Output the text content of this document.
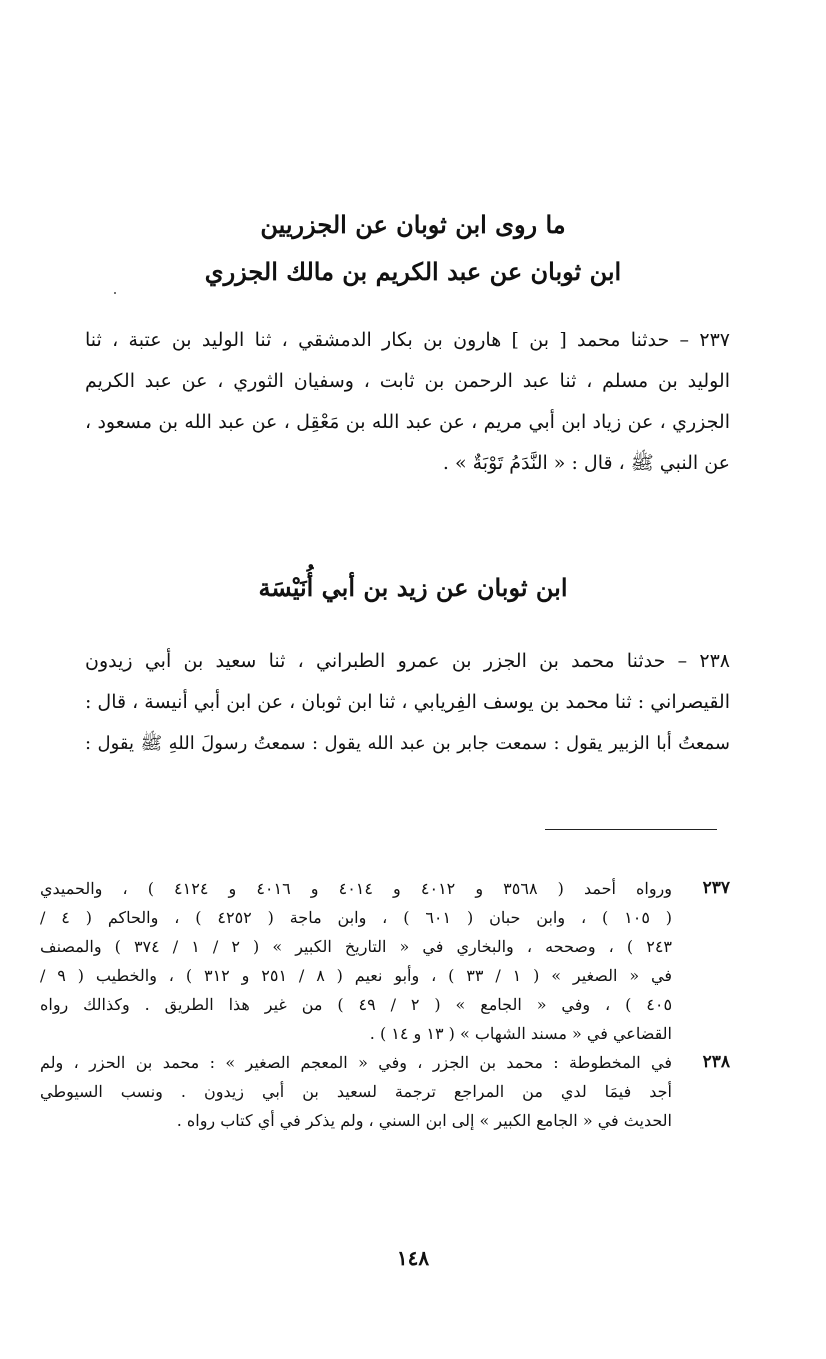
ما روى ابن ثوبان عن الجزريين
ابن ثوبان عن عبد الكريم بن مالك الجزري
٢٣٧ – حدثنا محمد [ بن ] هارون بن بكار الدمشقي ، ثنا الوليد بن عتبة ، ثنا
الوليد بن مسلم ، ثنا عبد الرحمن بن ثابت ، وسفيان الثوري ، عن عبد الكريم
الجزري ، عن زياد ابن أبي مريم ، عن عبد الله بن مَعْقِل ، عن عبد الله بن مسعود ،
عن النبي ﷺ ، قال : « النَّدَمُ تَوْبَةٌ » .
ابن ثوبان عن زيد بن أبي أُنَيْسَة
٢٣٨ – حدثنا محمد بن الجزر بن عمرو الطبراني ، ثنا سعيد بن أبي زيدون
القيصراني : ثنا محمد بن يوسف الفِريابي ، ثنا ابن ثوبان ، عن ابن أبي أنيسة ، قال :
سمعتُ أبا الزبير يقول : سمعت جابر بن عبد الله يقول : سمعتُ رسولَ اللهِ ﷺ يقول :
٢٣٧
ورواه أحمد ( ٣٥٦٨ و ٤٠١٢ و ٤٠١٤ و ٤٠١٦ و ٤١٢٤ ) ، والحميدي
( ١٠٥ ) ، وابن حبان ( ٦٠١ ) ، وابن ماجة ( ٤٢٥٢ ) ، والحاكم ( ٤ /
٢٤٣ ) ، وصححه ، والبخاري في « التاريخ الكبير » ( ٢ / ١ / ٣٧٤ ) والمصنف
في « الصغير » ( ١ / ٣٣ ) ، وأبو نعيم ( ٨ / ٢٥١ و ٣١٢ ) ، والخطيب ( ٩ /
٤٠٥ ) ، وفي « الجامع » ( ٢ / ٤٩ ) من غير هذا الطريق . وكذالك رواه
القضاعي في « مسند الشهاب » ( ١٣ و ١٤ ) .
٢٣٨
في المخطوطة : محمد بن الجزر ، وفي « المعجم الصغير » : محمد بن الحزر ، ولم
أجد فيمَا لدي من المراجع ترجمة لسعيد بن أبي زيدون . ونسب السيوطي
الحديث في « الجامع الكبير » إلى ابن السني ، ولم يذكر في أي كتاب رواه .
١٤٨
